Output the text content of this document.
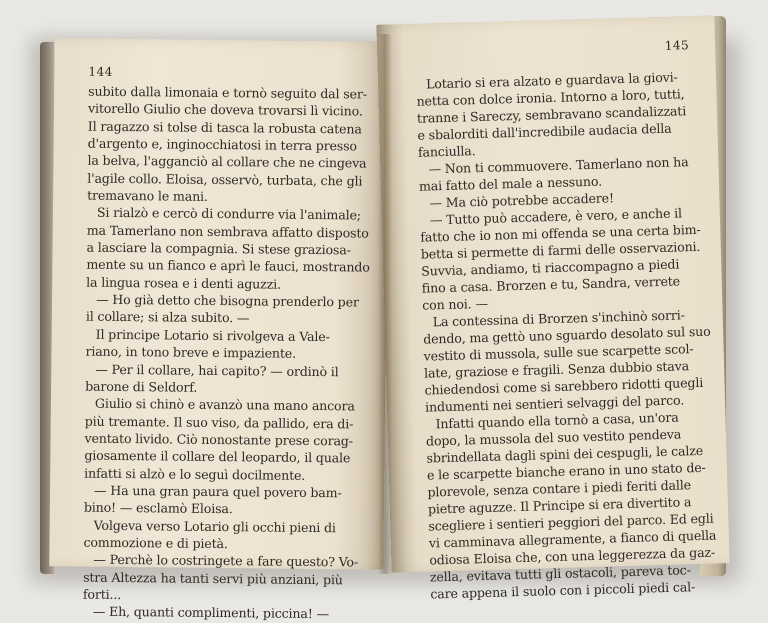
144
subito dalla limonaia e tornò seguito dal ser-
vitorello Giulio che doveva trovarsi lì vicino.
Il ragazzo si tolse di tasca la robusta catena
d'argento e, inginocchiatosi in terra presso
la belva, l'agganciò al collare che ne cingeva
l'agile collo. Eloisa, osservò, turbata, che gli
tremavano le mani.
Si rialzò e cercò di condurre via l'animale;
ma Tamerlano non sembrava affatto disposto
a lasciare la compagnia. Si stese graziosa-
mente su un fianco e aprì le fauci, mostrando
la lingua rosea e i denti aguzzi.
— Ho già detto che bisogna prenderlo per
il collare; si alza subito. —
Il principe Lotario si rivolgeva a Vale-
riano, in tono breve e impaziente.
— Per il collare, hai capito? — ordinò il
barone di Seldorf.
Giulio si chinò e avanzò una mano ancora
più tremante. Il suo viso, da pallido, era di-
ventato livido. Ciò nonostante prese corag-
giosamente il collare del leopardo, il quale
infatti si alzò e lo seguì docilmente.
— Ha una gran paura quel povero bam-
bino! — esclamò Eloisa.
Volgeva verso Lotario gli occhi pieni di
commozione e di pietà.
— Perchè lo costringete a fare questo? Vo-
stra Altezza ha tanti servi più anziani, più
forti...
— Eh, quanti complimenti, piccina! —
145
Lotario si era alzato e guardava la giovi-
netta con dolce ironia. Intorno a loro, tutti,
tranne i Sareczy, sembravano scandalizzati
e sbalorditi dall'incredibile audacia della
fanciulla.
— Non ti commuovere. Tamerlano non ha
mai fatto del male a nessuno.
— Ma ciò potrebbe accadere!
— Tutto può accadere, è vero, e anche il
fatto che io non mi offenda se una certa bim-
betta si permette di farmi delle osservazioni.
Suvvia, andiamo, ti riaccompagno a piedi
fino a casa. Brorzen e tu, Sandra, verrete
con noi. —
La contessina di Brorzen s'inchinò sorri-
dendo, ma gettò uno sguardo desolato sul suo
vestito di mussola, sulle sue scarpette scol-
late, graziose e fragili. Senza dubbio stava
chiedendosi come si sarebbero ridotti quegli
indumenti nei sentieri selvaggi del parco.
Infatti quando ella tornò a casa, un'ora
dopo, la mussola del suo vestito pendeva
sbrindellata dagli spini dei cespugli, le calze
e le scarpette bianche erano in uno stato de-
plorevole, senza contare i piedi feriti dalle
pietre aguzze. Il Principe si era divertito a
scegliere i sentieri peggiori del parco. Ed egli
vi camminava allegramente, a fianco di quella
odiosa Eloisa che, con una leggerezza da gaz-
zella, evitava tutti gli ostacoli, pareva toc-
care appena il suolo con i piccoli piedi cal-
